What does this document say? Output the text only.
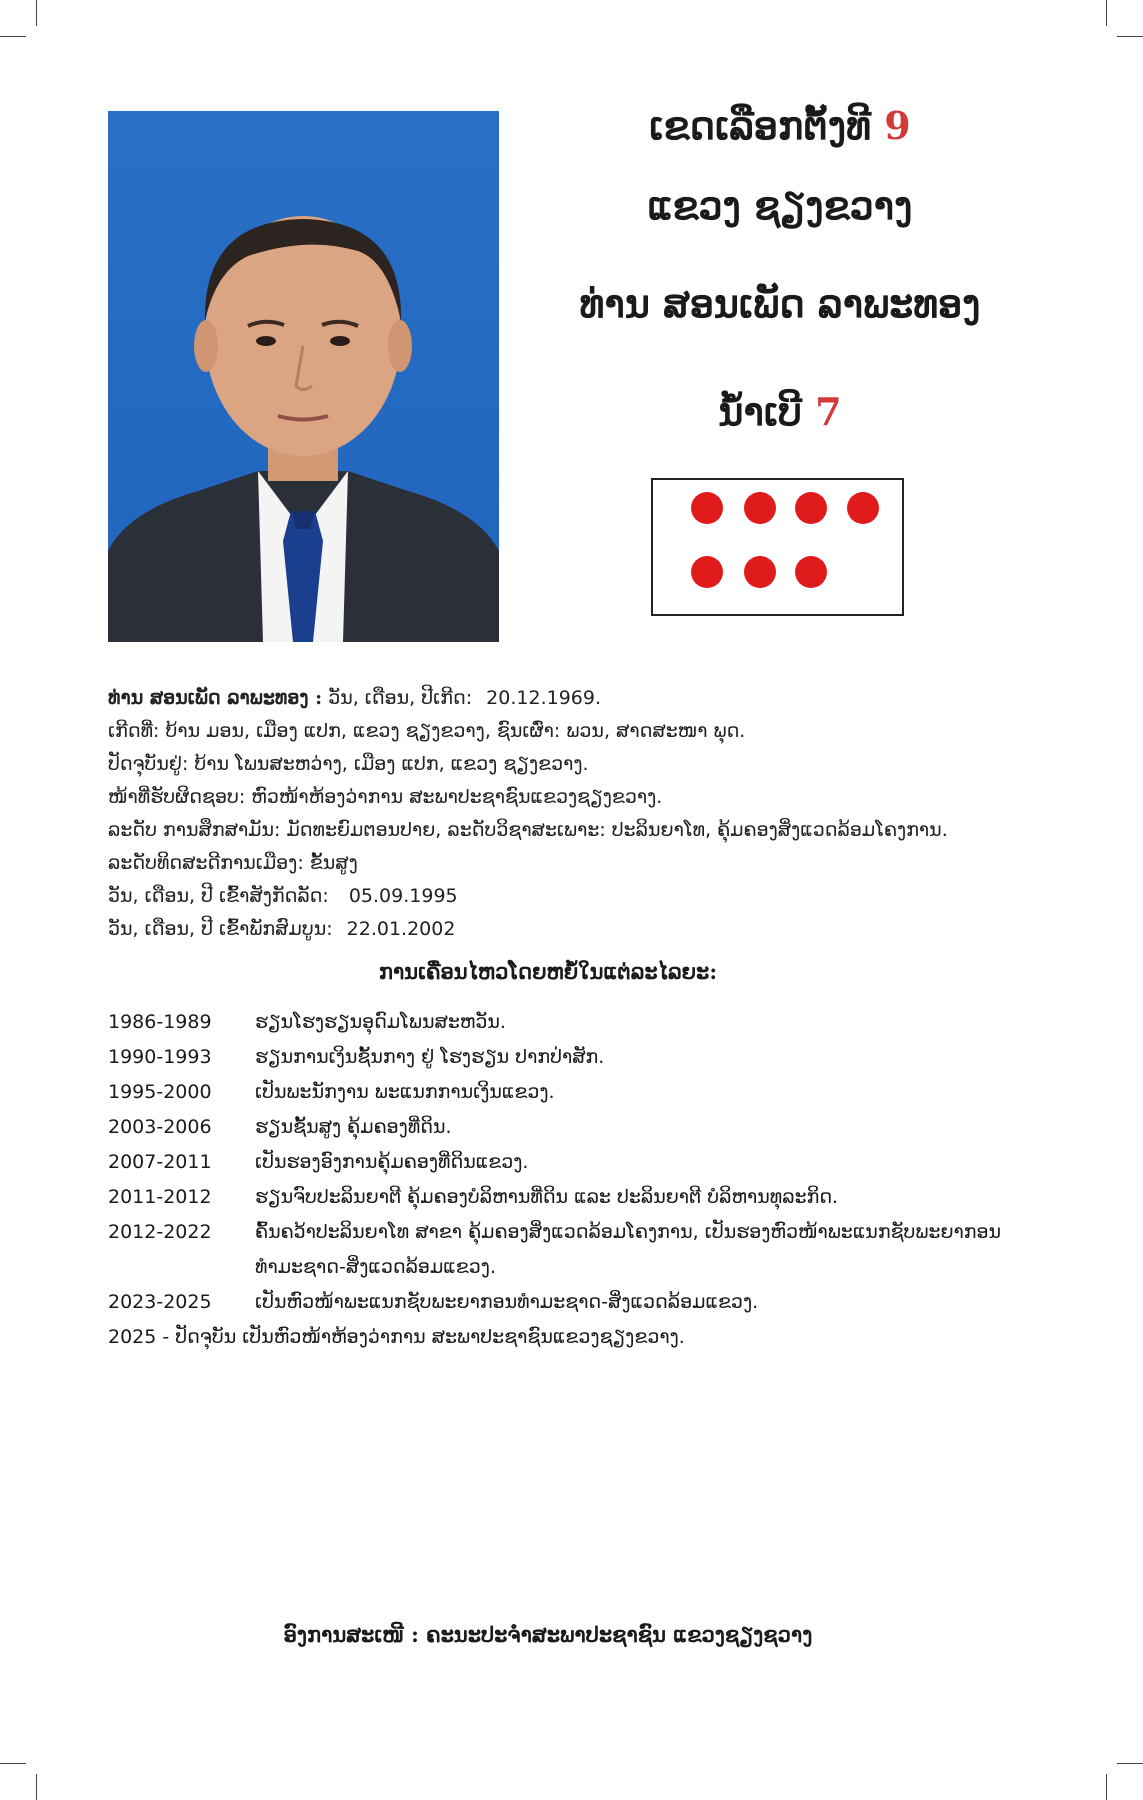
ເຂດເລືອກຕັ້ງທີ 9
ແຂວງ ຊຽງຂວາງ
ທ່ານ ສອນເພັດ ລາພະທອງ
ນໍ້າເບີ 7
ທ່ານ ສອນເພັດ ລາພະທອງ : ວັນ, ເດືອນ, ປີເກີດ: 20.12.1969.
ເກີດທີ່: ບ້ານ ມອນ, ເມືອງ ແປກ, ແຂວງ ຊຽງຂວາງ, ຊົນເຜົ່າ: ພວນ, ສາດສະໜາ ພຸດ.
ປັດຈຸບັນຢູ່: ບ້ານ ໂພນສະຫວ່າງ, ເມືອງ ແປກ, ແຂວງ ຊຽງຂວາງ.
ໜ້າທີ່ຮັບຜິດຊອບ: ຫົວໜ້າຫ້ອງວ່າການ ສະພາປະຊາຊົນແຂວງຊຽງຂວາງ.
ລະດັບ ການສຶກສາມັນ: ມັດທະຍົມຕອນປາຍ, ລະດັບວິຊາສະເພາະ: ປະລິນຍາໂທ, ຄຸ້ມຄອງສິ່ງແວດລ້ອມໂຄງການ.
ລະດັບທິດສະດີການເມືອງ: ຂັ້ນສູງ
ວັນ, ເດືອນ, ປີ ເຂົ້າສັງກັດລັດ: 05.09.1995
ວັນ, ເດືອນ, ປີ ເຂົ້າພັກສົມບູນ: 22.01.2002
ການເຄື່ອນໄຫວໂດຍຫຍໍ້ໃນແຕ່ລະໄລຍະ:
1986-1989	ຮຽນໂຮງຮຽນອຸດົມໂພນສະຫວັນ.
1990-1993	ຮຽນການເງິນຊັ້ນກາງ ຢູ່ ໂຮງຮຽນ ປາກປ່າສັກ.
1995-2000	ເປັນພະນັກງານ ພະແນກການເງິນແຂວງ.
2003-2006	ຮຽນຊັ້ນສູງ ຄຸ້ມຄອງທີ່ດິນ.
2007-2011	ເປັນຮອງອົງການຄຸ້ມຄອງທີ່ດິນແຂວງ.
2011-2012	ຮຽນຈົບປະລິນຍາຕີ ຄຸ້ມຄອງບໍລິຫານທີ່ດິນ ແລະ ປະລິນຍາຕີ ບໍລິຫານທຸລະກິດ.
2012-2022	ຄົ້ນຄວ້າປະລິນຍາໂທ ສາຂາ ຄຸ້ມຄອງສິ່ງແວດລ້ອມໂຄງການ, ເປັນຮອງຫົວໜ້າພະແນກຊັບພະຍາກອນ
ທຳມະຊາດ-ສິ່ງແວດລ້ອມແຂວງ.
2023-2025	ເປັນຫົວໜ້າພະແນກຊັບພະຍາກອນທຳມະຊາດ-ສິ່ງແວດລ້ອມແຂວງ.
2025 - ປັດຈຸບັນ ເປັນຫົວໜ້າຫ້ອງວ່າການ ສະພາປະຊາຊົນແຂວງຊຽງຂວາງ.
ອົງການສະເໜີ : ຄະນະປະຈຳສະພາປະຊາຊົນ ແຂວງຊຽງຊວາງ
